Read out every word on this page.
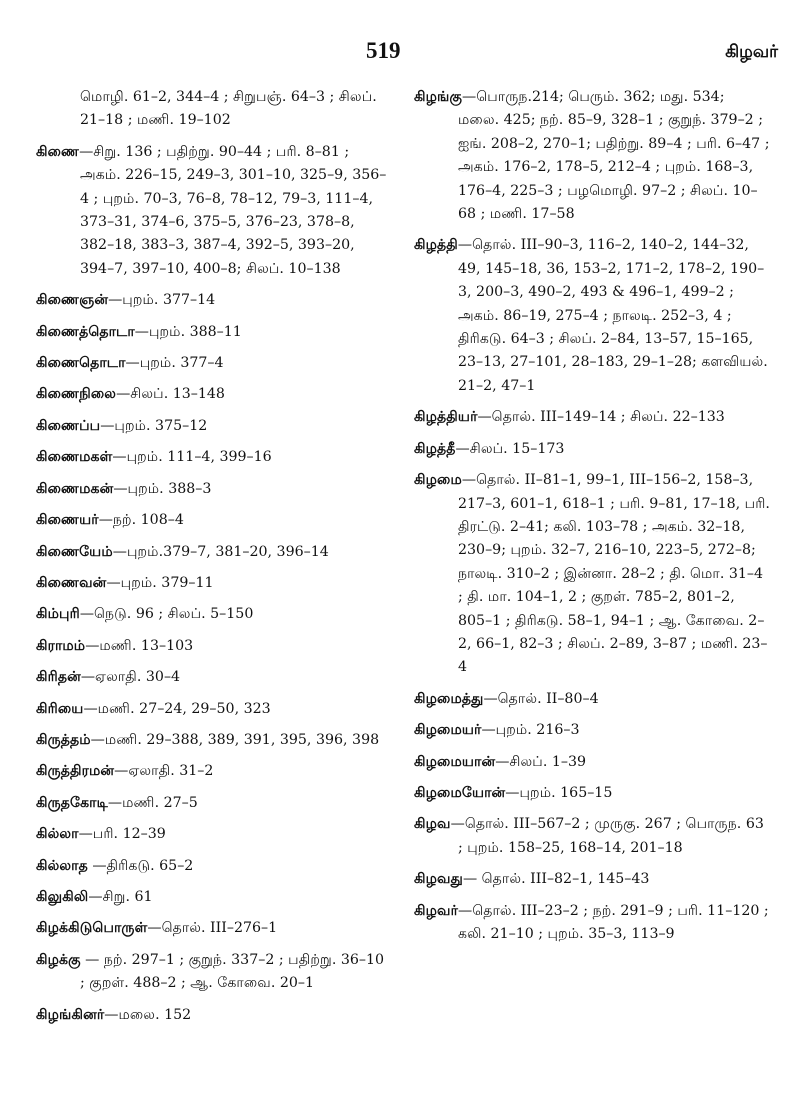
519	கிழவர்
மொழி. 61–2, 344–4 ; சிறுபஞ். 64–3 ; சிலப். 21–18 ; மணி. 19–102
கிணை—சிறு. 136 ; பதிற்று. 90–44 ; பரி. 8–81 ; அகம். 226–15, 249–3, 301–10, 325–9, 356–4 ; புறம். 70–3, 76–8, 78–12, 79–3, 111–4, 373–31, 374–6, 375–5, 376–23, 378–8, 382–18, 383–3, 387–4, 392–5, 393–20, 394–7, 397–10, 400–8; சிலப். 10–138
கிணைஞன்—புறம். 377–14
கிணைத்தொடா—புறம். 388–11
கிணைதொடா—புறம். 377–4
கிணைநிலை—சிலப். 13–148
கிணைப்ப—புறம். 375–12
கிணைமகள்—புறம். 111–4, 399–16
கிணைமகன்—புறம். 388–3
கிணையர்—நற். 108–4
கிணையேம்—புறம்.379–7, 381–20, 396–14
கிணைவன்—புறம். 379–11
கிம்புரி—நெடு. 96 ; சிலப். 5–150
கிராமம்—மணி. 13–103
கிரிதன்—ஏலாதி. 30–4
கிரியை—மணி. 27–24, 29–50, 323
கிருத்தம்—மணி. 29–388, 389, 391, 395, 396, 398
கிருத்திரமன்—ஏலாதி. 31–2
கிருதகோடி—மணி. 27–5
கில்லா—பரி. 12–39
கில்லாத —திரிகடு. 65–2
கிலுகிலி—சிறு. 61
கிழக்கிடுபொருள்—தொல். III–276–1
கிழக்கு — நற். 297–1 ; குறுந். 337–2 ; பதிற்று. 36–10 ; குறள். 488–2 ; ஆ. கோவை. 20–1
கிழங்கினர்—மலை. 152
கிழங்கு—பொருந.214; பெரும். 362; மது. 534; மலை. 425; நற். 85–9, 328–1 ; குறுந். 379–2 ; ஐங். 208–2, 270–1; பதிற்று. 89–4 ; பரி. 6–47 ; அகம். 176–2, 178–5, 212–4 ; புறம். 168–3, 176–4, 225–3 ; பழமொழி. 97–2 ; சிலப். 10–68 ; மணி. 17–58
கிழத்தி—தொல். III–90–3, 116–2, 140–2, 144–32, 49, 145–18, 36, 153–2, 171–2, 178–2, 190–3, 200–3, 490–2, 493 & 496–1, 499–2 ; அகம். 86–19, 275–4 ; நாலடி. 252–3, 4 ; திரிகடு. 64–3 ; சிலப். 2–84, 13–57, 15–165, 23–13, 27–101, 28–183, 29–1–28; களவியல். 21–2, 47–1
கிழத்தியர்—தொல். III–149–14 ; சிலப். 22–133
கிழத்தீ—சிலப். 15–173
கிழமை—தொல். II–81–1, 99–1, III–156–2, 158–3, 217–3, 601–1, 618–1 ; பரி. 9–81, 17–18, பரி. திரட்டு. 2–41; கலி. 103–78 ; அகம். 32–18, 230–9; புறம். 32–7, 216–10, 223–5, 272–8; நாலடி. 310–2 ; இன்னா. 28–2 ; தி. மொ. 31–4 ; தி. மா. 104–1, 2 ; குறள். 785–2, 801–2, 805–1 ; திரிகடு. 58–1, 94–1 ; ஆ. கோவை. 2–2, 66–1, 82–3 ; சிலப். 2–89, 3–87 ; மணி. 23–4
கிழமைத்து—தொல். II–80–4
கிழமையர்—புறம். 216–3
கிழமையான்—சிலப். 1–39
கிழமையோன்—புறம். 165–15
கிழவ—தொல். III–567–2 ; முருகு. 267 ; பொருந. 63 ; புறம். 158–25, 168–14, 201–18
கிழவது— தொல். III–82–1, 145–43
கிழவர்—தொல். III–23–2 ; நற். 291–9 ; பரி. 11–120 ; கலி. 21–10 ; புறம். 35–3, 113–9
